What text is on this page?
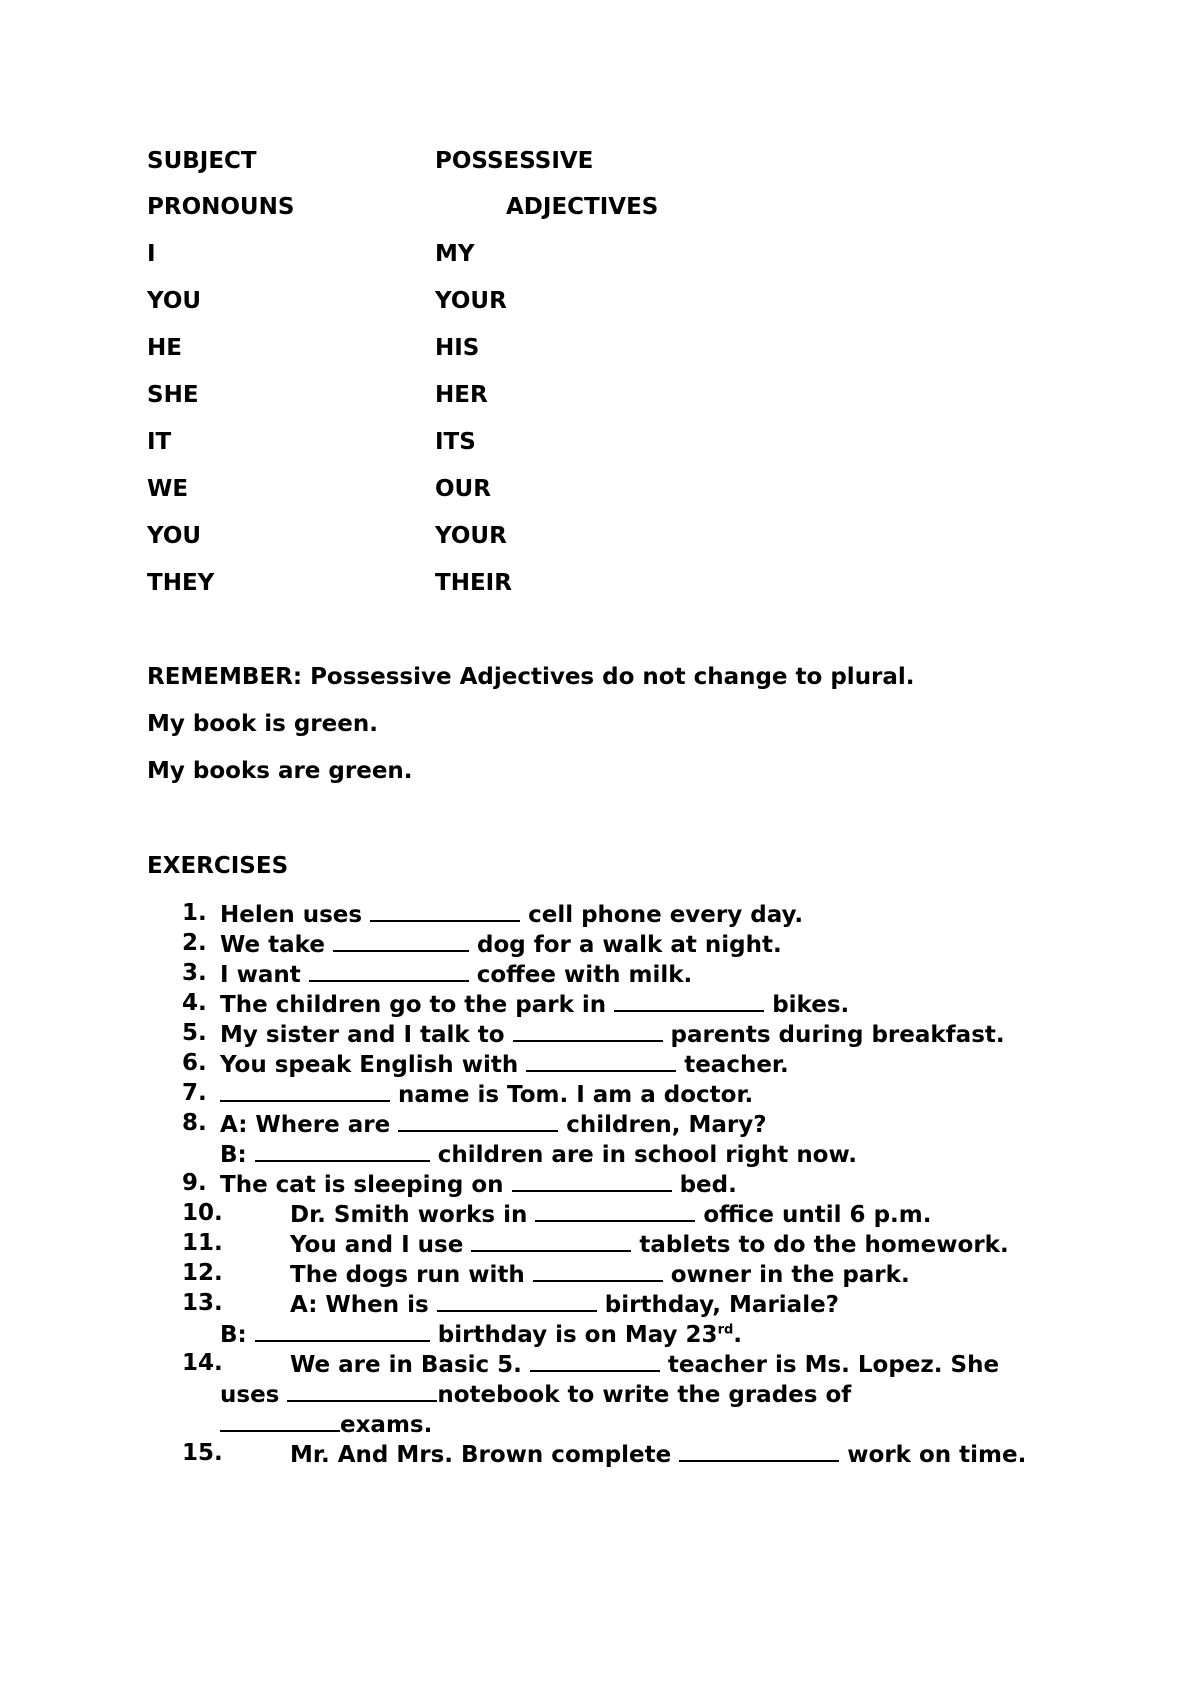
SUBJECT	POSSESSIVE
PRONOUNS	ADJECTIVES
I	MY
YOU	YOUR
HE	HIS
SHE	HER
IT	ITS
WE	OUR
YOU	YOUR
THEY	THEIR
REMEMBER: Possessive Adjectives do not change to plural.
My book is green.
My books are green.
EXERCISES
1. Helen uses	cell phone every day.
2. We take	dog for a walk at night.
3. I want	coffee with milk.
4. The children go to the park in	bikes.
5. My sister and I talk to	parents during breakfast.
6. You speak English with	teacher.
7.	name is Tom. I am a doctor.
8. A: Where are	children, Mary?
B:	children are in school right now.
9. The cat is sleeping on	bed.
10.	Dr. Smith works in	office until 6 p.m.
11.	You and I use	tablets to do the homework.
12.	The dogs run with	owner in the park.
13.	A: When is	birthday, Mariale?
B:	birthday is on May 23rd.
14.	We are in Basic 5.	teacher is Ms. Lopez. She
uses	notebook to write the grades of
exams.
15.	Mr. And Mrs. Brown complete	work on time.
